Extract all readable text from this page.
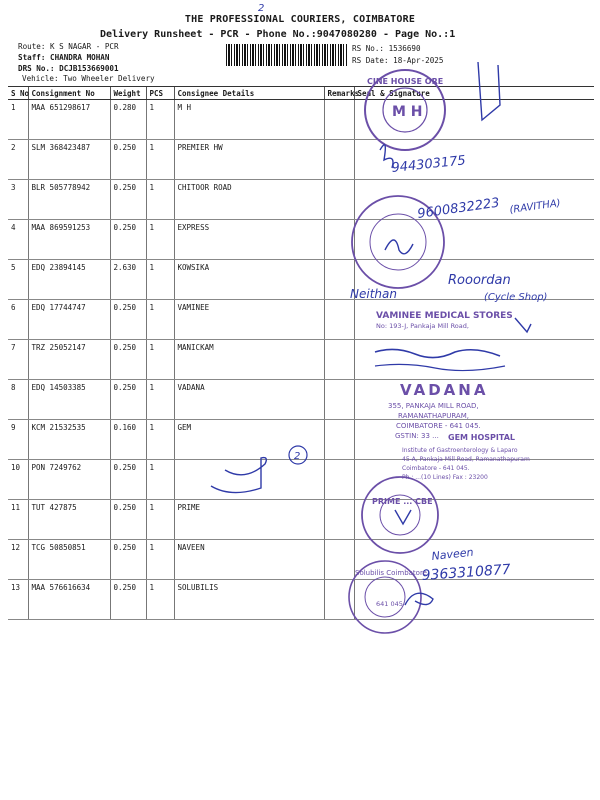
THE PROFESSIONAL COURIERS, COIMBATORE
Delivery Runsheet - PCR - Phone No.:9047080280 - Page No.:1
Route: K S NAGAR - PCR
Staff: CHANDRA MOHAN
DRS No.: DCJB153669001
Vehicle: Two Wheeler Delivery
RS No.: 1536690
RS Date: 18-Apr-2025
S No	Consignment No	Weight	PCS	Consignee Details	Remarks	Seal & Signature
1	MAA 651298617	0.280	1	M H		
2	SLM 368423487	0.250	1	PREMIER HW		
3	BLR 505778942	0.250	1	CHITOOR ROAD		
4	MAA 869591253	0.250	1	EXPRESS		
5	EDQ 23894145	2.630	1	KOWSIKA		
6	EDQ 17744747	0.250	1	VAMINEE		
7	TRZ 25052147	0.250	1	MANICKAM		
8	EDQ 14503385	0.250	1	VADANA		
9	KCM 21532535	0.160	1	GEM		
10	PON 7249762	0.250	1			
11	TUT 427875	0.250	1	PRIME		
12	TCG 50850851	0.250	1	NAVEEN		
13	MAA 576616634	0.250	1	SOLUBILIS		
2
CINE HOUSE ORE
M H
944303175
9600832223 (RAVITHA)
Neithan
Rooordan
(Cycle Shop)
VAMINEE MEDICAL STORES
No: 193-J, Pankaja Mill Road,
VADANA
355, PANKAJA MILL ROAD,
RAMANATHAPURAM,
COIMBATORE - 641 045.
GSTIN: 33 ... GEM HOSPITAL
Institute of Gastroenterology & Laparo
45-A, Pankaja Mill Road, Ramanathapuram
Coimbatore - 641 045.
Ph : ...(10 Lines) Fax : 23200
2
PRIME ... CBE
Naveen
9363310877
Solubilis Coimbatore
641 045
